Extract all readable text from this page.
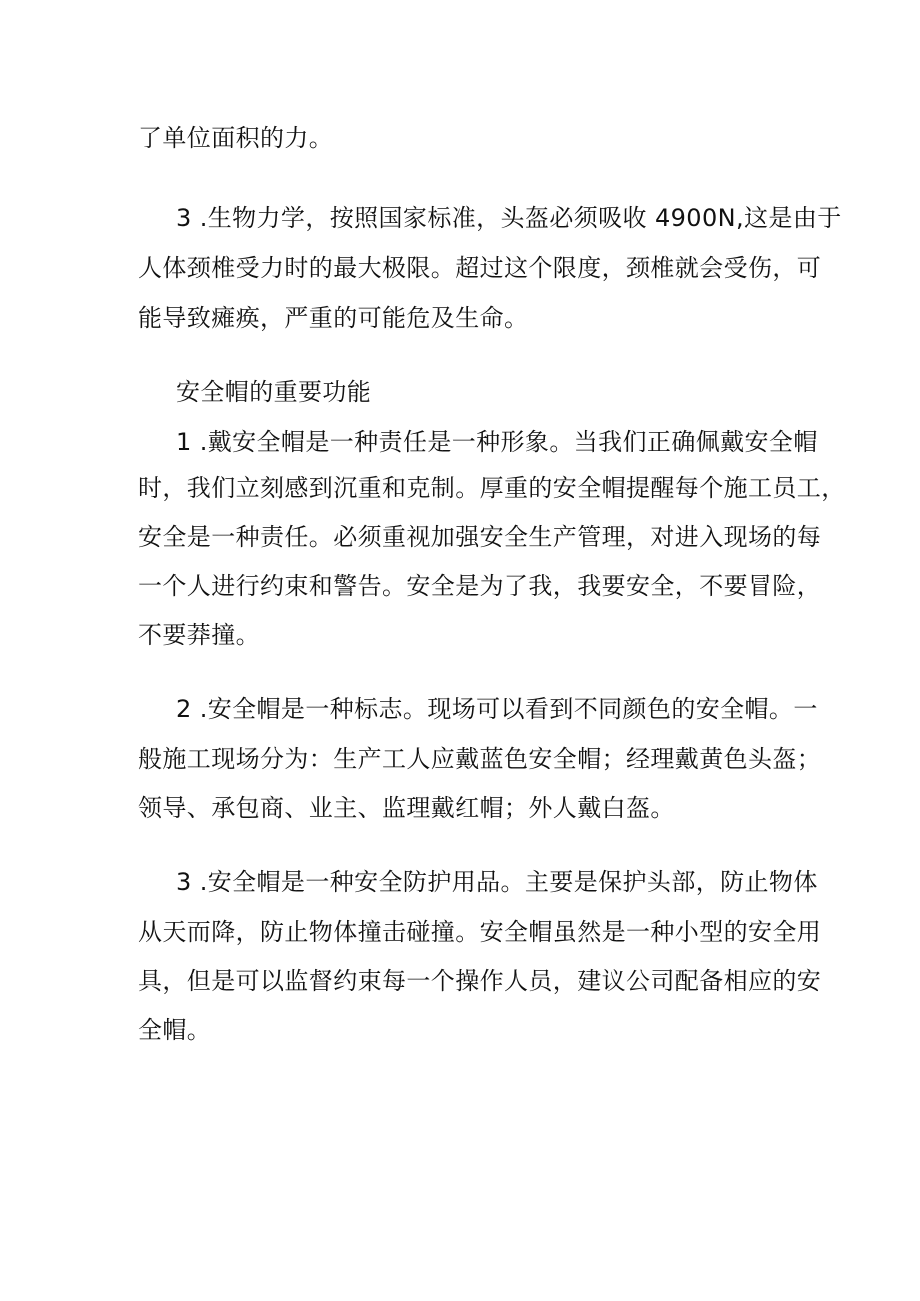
了单位面积的力。
3 .生物力学，按照国家标准，头盔必须吸收 4900N,这是由于
人体颈椎受力时的最大极限。超过这个限度，颈椎就会受伤，可
能导致瘫痪，严重的可能危及生命。
安全帽的重要功能
1 .戴安全帽是一种责任是一种形象。当我们正确佩戴安全帽
时，我们立刻感到沉重和克制。厚重的安全帽提醒每个施工员工，
安全是一种责任。必须重视加强安全生产管理，对进入现场的每
一个人进行约束和警告。安全是为了我，我要安全，不要冒险，
不要莽撞。
2 .安全帽是一种标志。现场可以看到不同颜色的安全帽。一
般施工现场分为：生产工人应戴蓝色安全帽；经理戴黄色头盔；
领导、承包商、业主、监理戴红帽；外人戴白盔。
3 .安全帽是一种安全防护用品。主要是保护头部，防止物体
从天而降，防止物体撞击碰撞。安全帽虽然是一种小型的安全用
具，但是可以监督约束每一个操作人员，建议公司配备相应的安
全帽。
